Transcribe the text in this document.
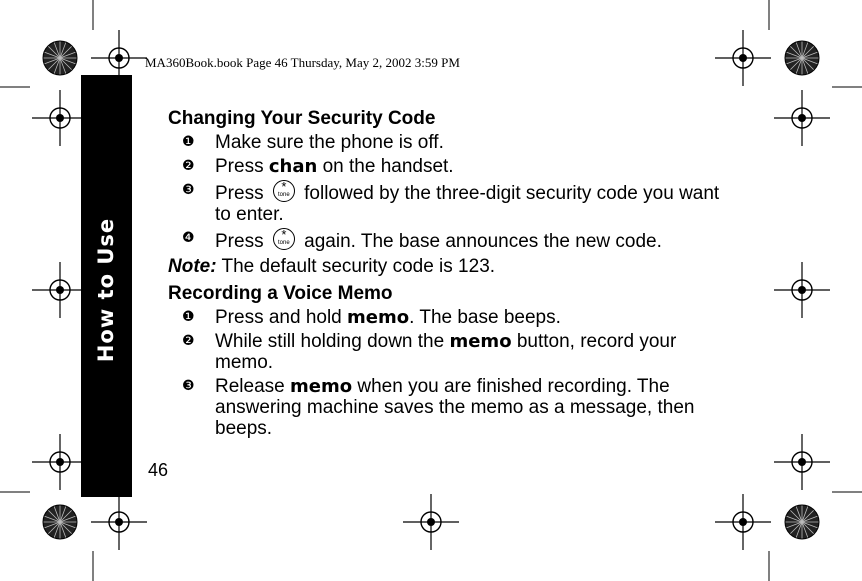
MA360Book.book Page 46 Thursday, May 2, 2002 3:59 PM
How to Use
46
Changing Your Security Code
❶	Make sure the phone is off.
❷	Press chan on the handset.
❸	Press *
tone followed by the three-digit security code you want to enter.
❹	Press *
tone again. The base announces the new code.
Note: The default security code is 123.
Recording a Voice Memo
❶	Press and hold memo. The base beeps.
❷	While still holding down the memo button, record your memo.
❸	Release memo when you are finished recording. The answering machine saves the memo as a message, then beeps.
